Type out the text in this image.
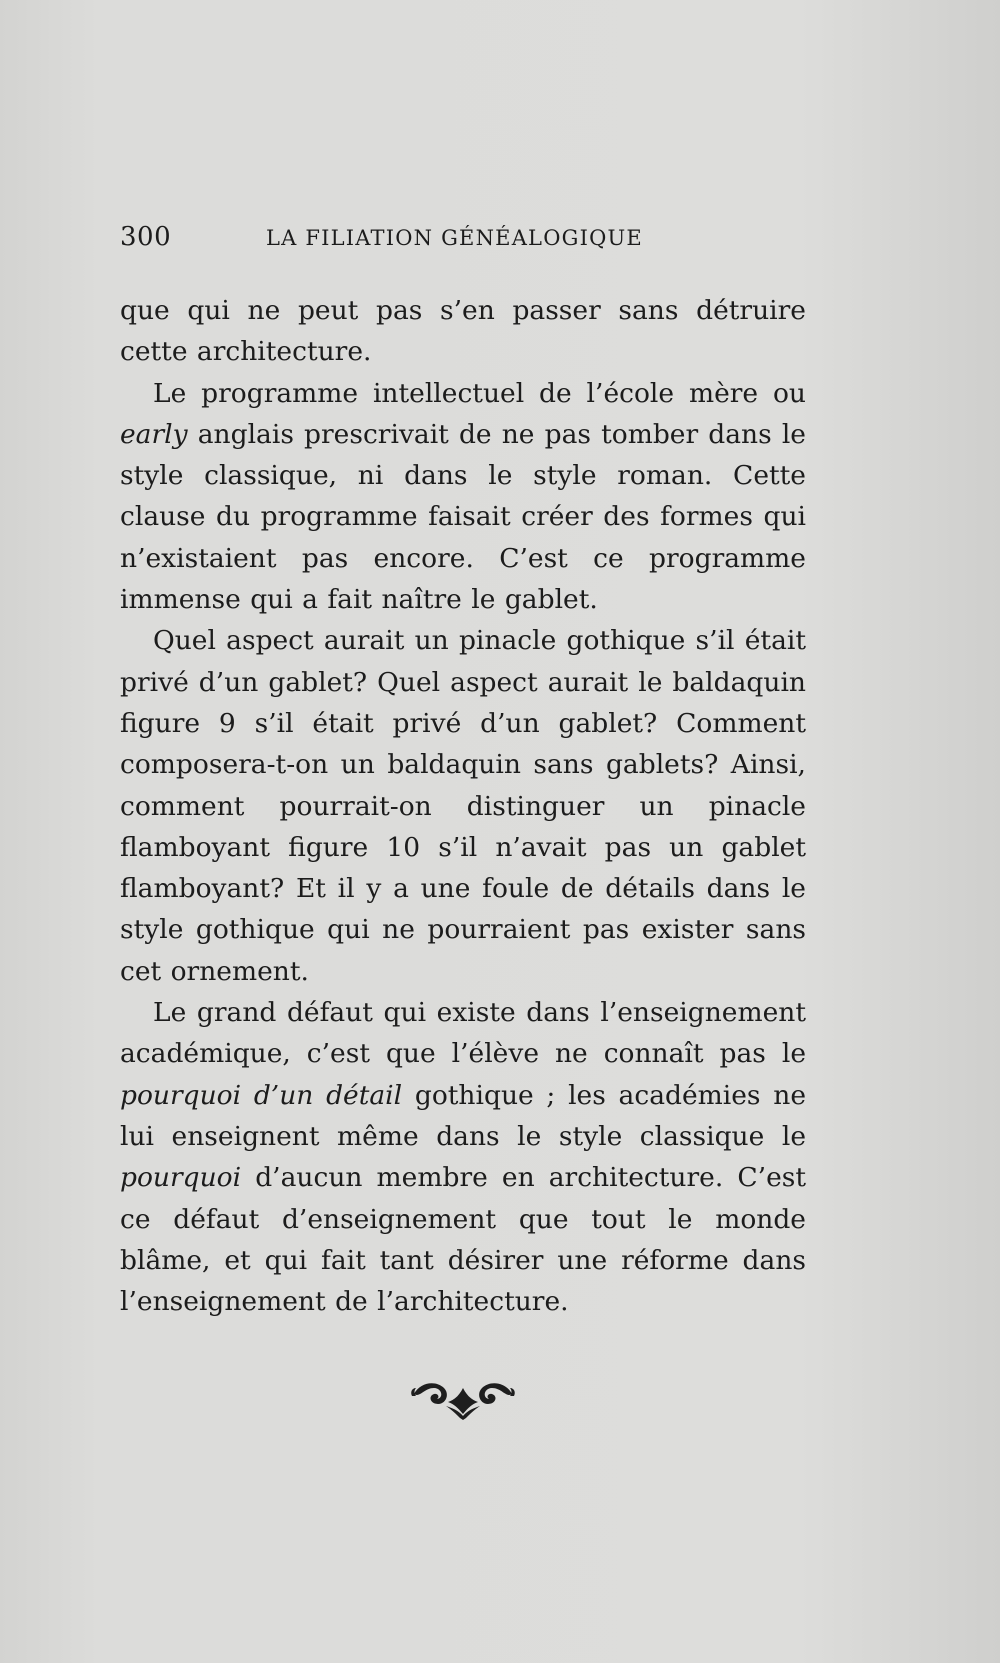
300	LA FILIATION GÉNÉALOGIQUE

que qui ne peut pas s’en passer sans détruire cette architecture.

Le programme intellectuel de l’école mère ou early anglais prescrivait de ne pas tomber dans le style classique, ni dans le style roman. Cette clause du programme faisait créer des formes qui n’existaient pas encore. C’est ce programme immense qui a fait naître le gablet.

Quel aspect aurait un pinacle gothique s’il était privé d’un gablet? Quel aspect aurait le baldaquin figure 9 s’il était privé d’un gablet? Comment composera-t-on un baldaquin sans gablets? Ainsi, comment pourrait-on distinguer un pinacle flamboyant figure 10 s’il n’avait pas un gablet flamboyant? Et il y a une foule de détails dans le style gothique qui ne pourraient pas exister sans cet ornement.

Le grand défaut qui existe dans l’enseignement académique, c’est que l’élève ne connaît pas le pourquoi d’un détail gothique ; les académies ne lui enseignent même dans le style classique le pourquoi d’aucun membre en architecture. C’est ce défaut d’enseignement que tout le monde blâme, et qui fait tant désirer une réforme dans l’enseignement de l’architecture.
